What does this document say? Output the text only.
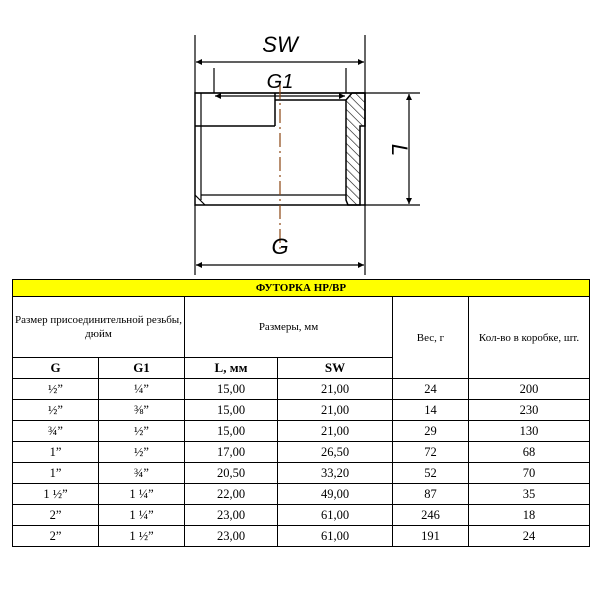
SW
G1
L
G
ФУТОРКА НР/ВР					
Размер присоединительной резьбы, дюйм		Размеры, мм		Вес, г	Кол-во в коробке, шт.
G	G1	L, мм	SW		
½”	¼”	15,00	21,00	24	200
½”	⅜”	15,00	21,00	14	230
¾”	½”	15,00	21,00	29	130
1”	½”	17,00	26,50	72	68
1”	¾”	20,50	33,20	52	70
1 ½”	1 ¼”	22,00	49,00	87	35
2”	1 ¼”	23,00	61,00	246	18
2”	1 ½”	23,00	61,00	191	24
